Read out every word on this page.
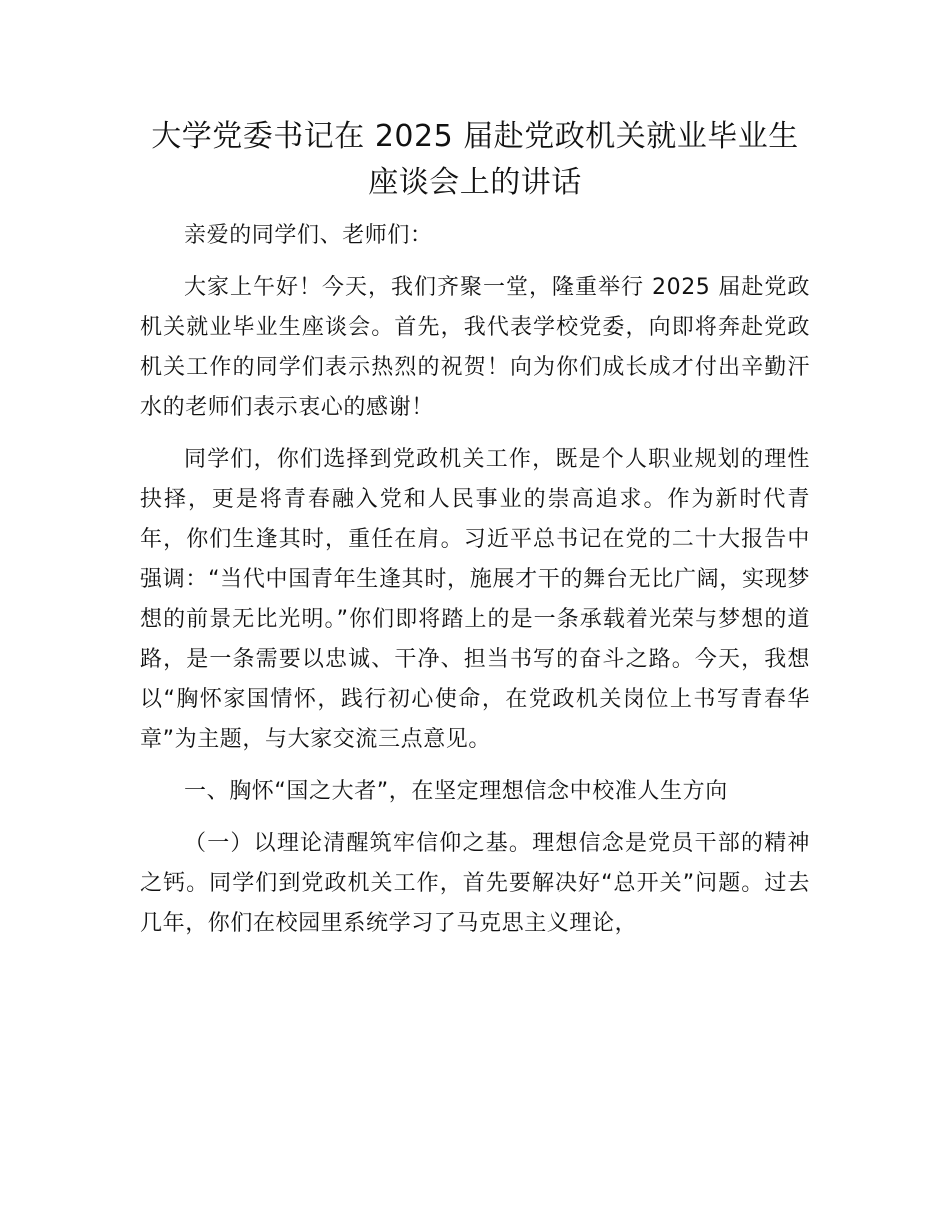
大学党委书记在 2025 届赴党政机关就业毕业生座谈会上的讲话

亲爱的同学们、老师们：

大家上午好！今天，我们齐聚一堂，隆重举行 2025 届赴党政机关就业毕业生座谈会。首先，我代表学校党委，向即将奔赴党政机关工作的同学们表示热烈的祝贺！向为你们成长成才付出辛勤汗水的老师们表示衷心的感谢！

同学们，你们选择到党政机关工作，既是个人职业规划的理性抉择，更是将青春融入党和人民事业的崇高追求。作为新时代青年，你们生逢其时，重任在肩。习近平总书记在党的二十大报告中强调：“当代中国青年生逢其时，施展才干的舞台无比广阔，实现梦想的前景无比光明。”你们即将踏上的是一条承载着光荣与梦想的道路，是一条需要以忠诚、干净、担当书写的奋斗之路。今天，我想以“胸怀家国情怀，践行初心使命，在党政机关岗位上书写青春华章”为主题，与大家交流三点意见。

一、胸怀“国之大者”，在坚定理想信念中校准人生方向

（一）以理论清醒筑牢信仰之基。理想信念是党员干部的精神之钙。同学们到党政机关工作，首先要解决好“总开关”问题。过去几年，你们在校园里系统学习了马克思主义理论，
